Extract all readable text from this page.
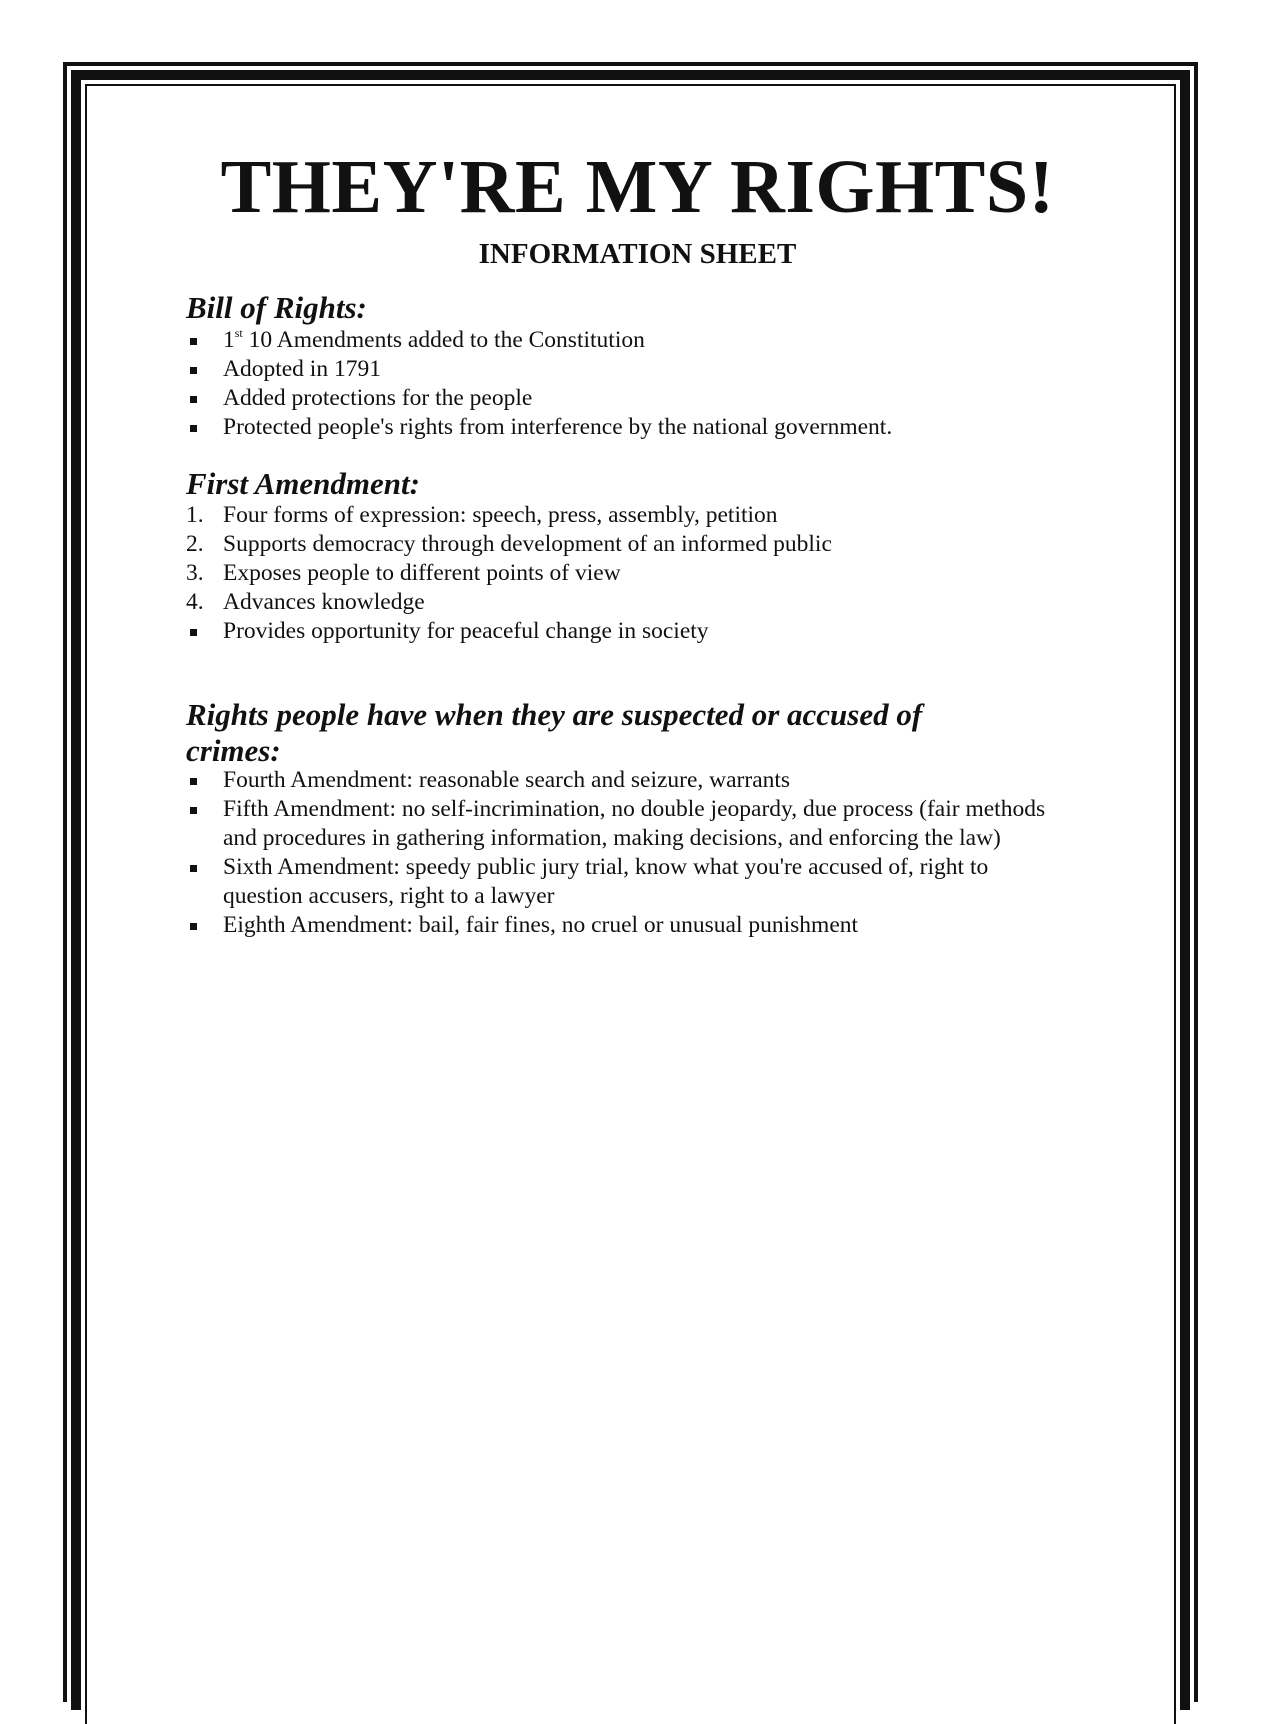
THEY'RE MY RIGHTS!
INFORMATION SHEET
Bill of Rights:
1st 10 Amendments added to the Constitution
Adopted in 1791
Added protections for the people
Protected people's rights from interference by the national government.
First Amendment:
1. Four forms of expression: speech, press, assembly, petition
2. Supports democracy through development of an informed public
3. Exposes people to different points of view
4. Advances knowledge
Provides opportunity for peaceful change in society
Rights people have when they are suspected or accused of
crimes:
Fourth Amendment: reasonable search and seizure, warrants
Fifth Amendment: no self-incrimination, no double jeopardy, due process (fair methods and procedures in gathering information, making decisions, and enforcing the law)
Sixth Amendment: speedy public jury trial, know what you're accused of, right to question accusers, right to a lawyer
Eighth Amendment: bail, fair fines, no cruel or unusual punishment
